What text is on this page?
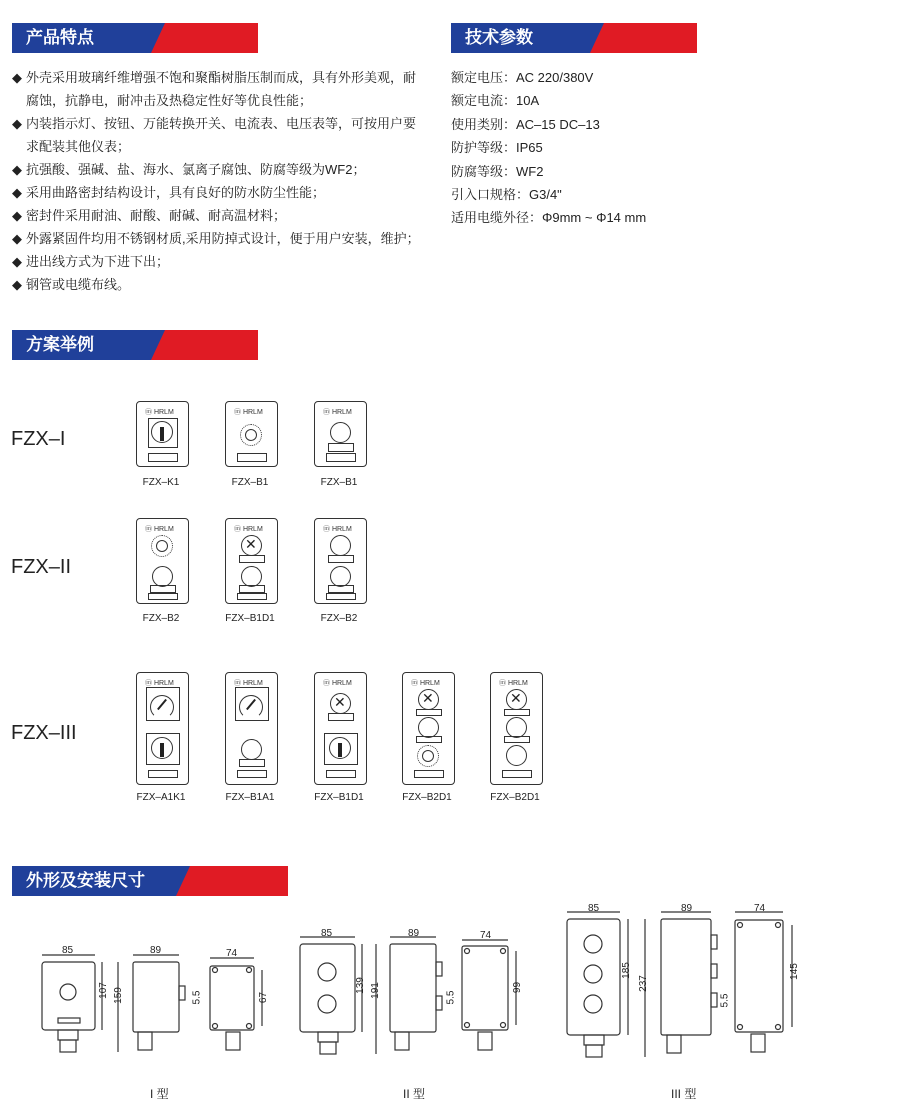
产品特点	技术参数
方案举例
外形及安装尺寸
◆ 外壳采用玻璃纤维增强不饱和聚酯树脂压制而成，具有外形美观，耐
腐蚀，抗静电，耐冲击及热稳定性好等优良性能；
◆ 内装指示灯、按钮、万能转换开关、电流表、电压表等，可按用户要
求配装其他仪表；
◆ 抗强酸、强碱、盐、海水、氯离子腐蚀、防腐等级为WF2；
◆ 采用曲路密封结构设计，具有良好的防水防尘性能；
◆ 密封件采用耐油、耐酸、耐碱、耐高温材料；
◆ 外露紧固件均用不锈钢材质,采用防掉式设计，便于用户安装，维护；
◆ 进出线方式为下进下出；
◆ 钢管或电缆布线。
额定电压：AC 220/380V
额定电流：10A
使用类别：AC–15 DC–13
防护等级：IP65
防腐等级：WF2
引入口规格：G3/4"
适用电缆外径：Φ9mm ~ Φ14 mm
FZX–I
FZX–II
FZX–III
ⓜ HRLM
FZX–K1
ⓜ HRLM
FZX–B1
ⓜ HRLM
FZX–B1
ⓜ HRLM
FZX–B2
ⓜ HRLM
✕
FZX–B1D1
ⓜ HRLM
FZX–B2
ⓜ HRLM
FZX–A1K1
ⓜ HRLM
FZX–B1A1
ⓜ HRLM
✕
FZX–B1D1
ⓜ HRLM
✕
FZX–B2D1
ⓜ HRLM
✕
FZX–B2D1
85
107 159
89	74
5.5	67
I 型
85
139 191
89	74
5.5
99
II 型
85
185
237
89	74
5.5
145
III 型
